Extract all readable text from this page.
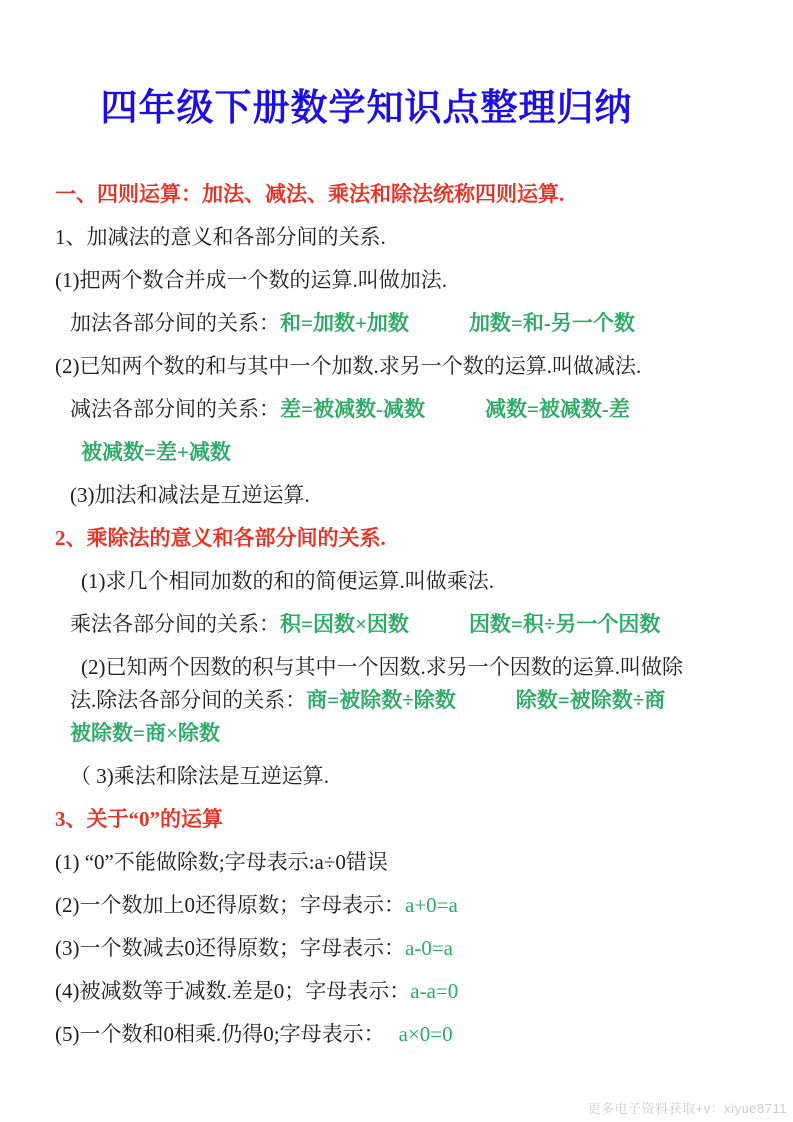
四年级下册数学知识点整理归纳

一、四则运算：加法、减法、乘法和除法统称四则运算.

1、加减法的意义和各部分间的关系.

(1)把两个数合并成一个数的运算.叫做加法.

加法各部分间的关系：和=加数+加数	加数=和-另一个数

(2)已知两个数的和与其中一个加数.求另一个数的运算.叫做减法.

减法各部分间的关系：差=被减数-减数	减数=被减数-差

被减数=差+减数

(3)加法和减法是互逆运算.

2、乘除法的意义和各部分间的关系.

(1)求几个相同加数的和的简便运算.叫做乘法.

乘法各部分间的关系：积=因数×因数	因数=积÷另一个因数

(2)已知两个因数的积与其中一个因数.求另一个因数的运算.叫做除

法.除法各部分间的关系：商=被除数÷除数	除数=被除数÷商

被除数=商×除数

（ 3)乘法和除法是互逆运算.

3、关于“0”的运算

(1) “0”不能做除数;字母表示:a÷0错误

(2)一个数加上0还得原数；字母表示：a+0=a

(3)一个数减去0还得原数；字母表示：a-0=a

(4)被减数等于减数.差是0；字母表示：a-a=0

(5)一个数和0相乘.仍得0;字母表示： a×0=0

更多电子资料获取+v：xiyue8711
